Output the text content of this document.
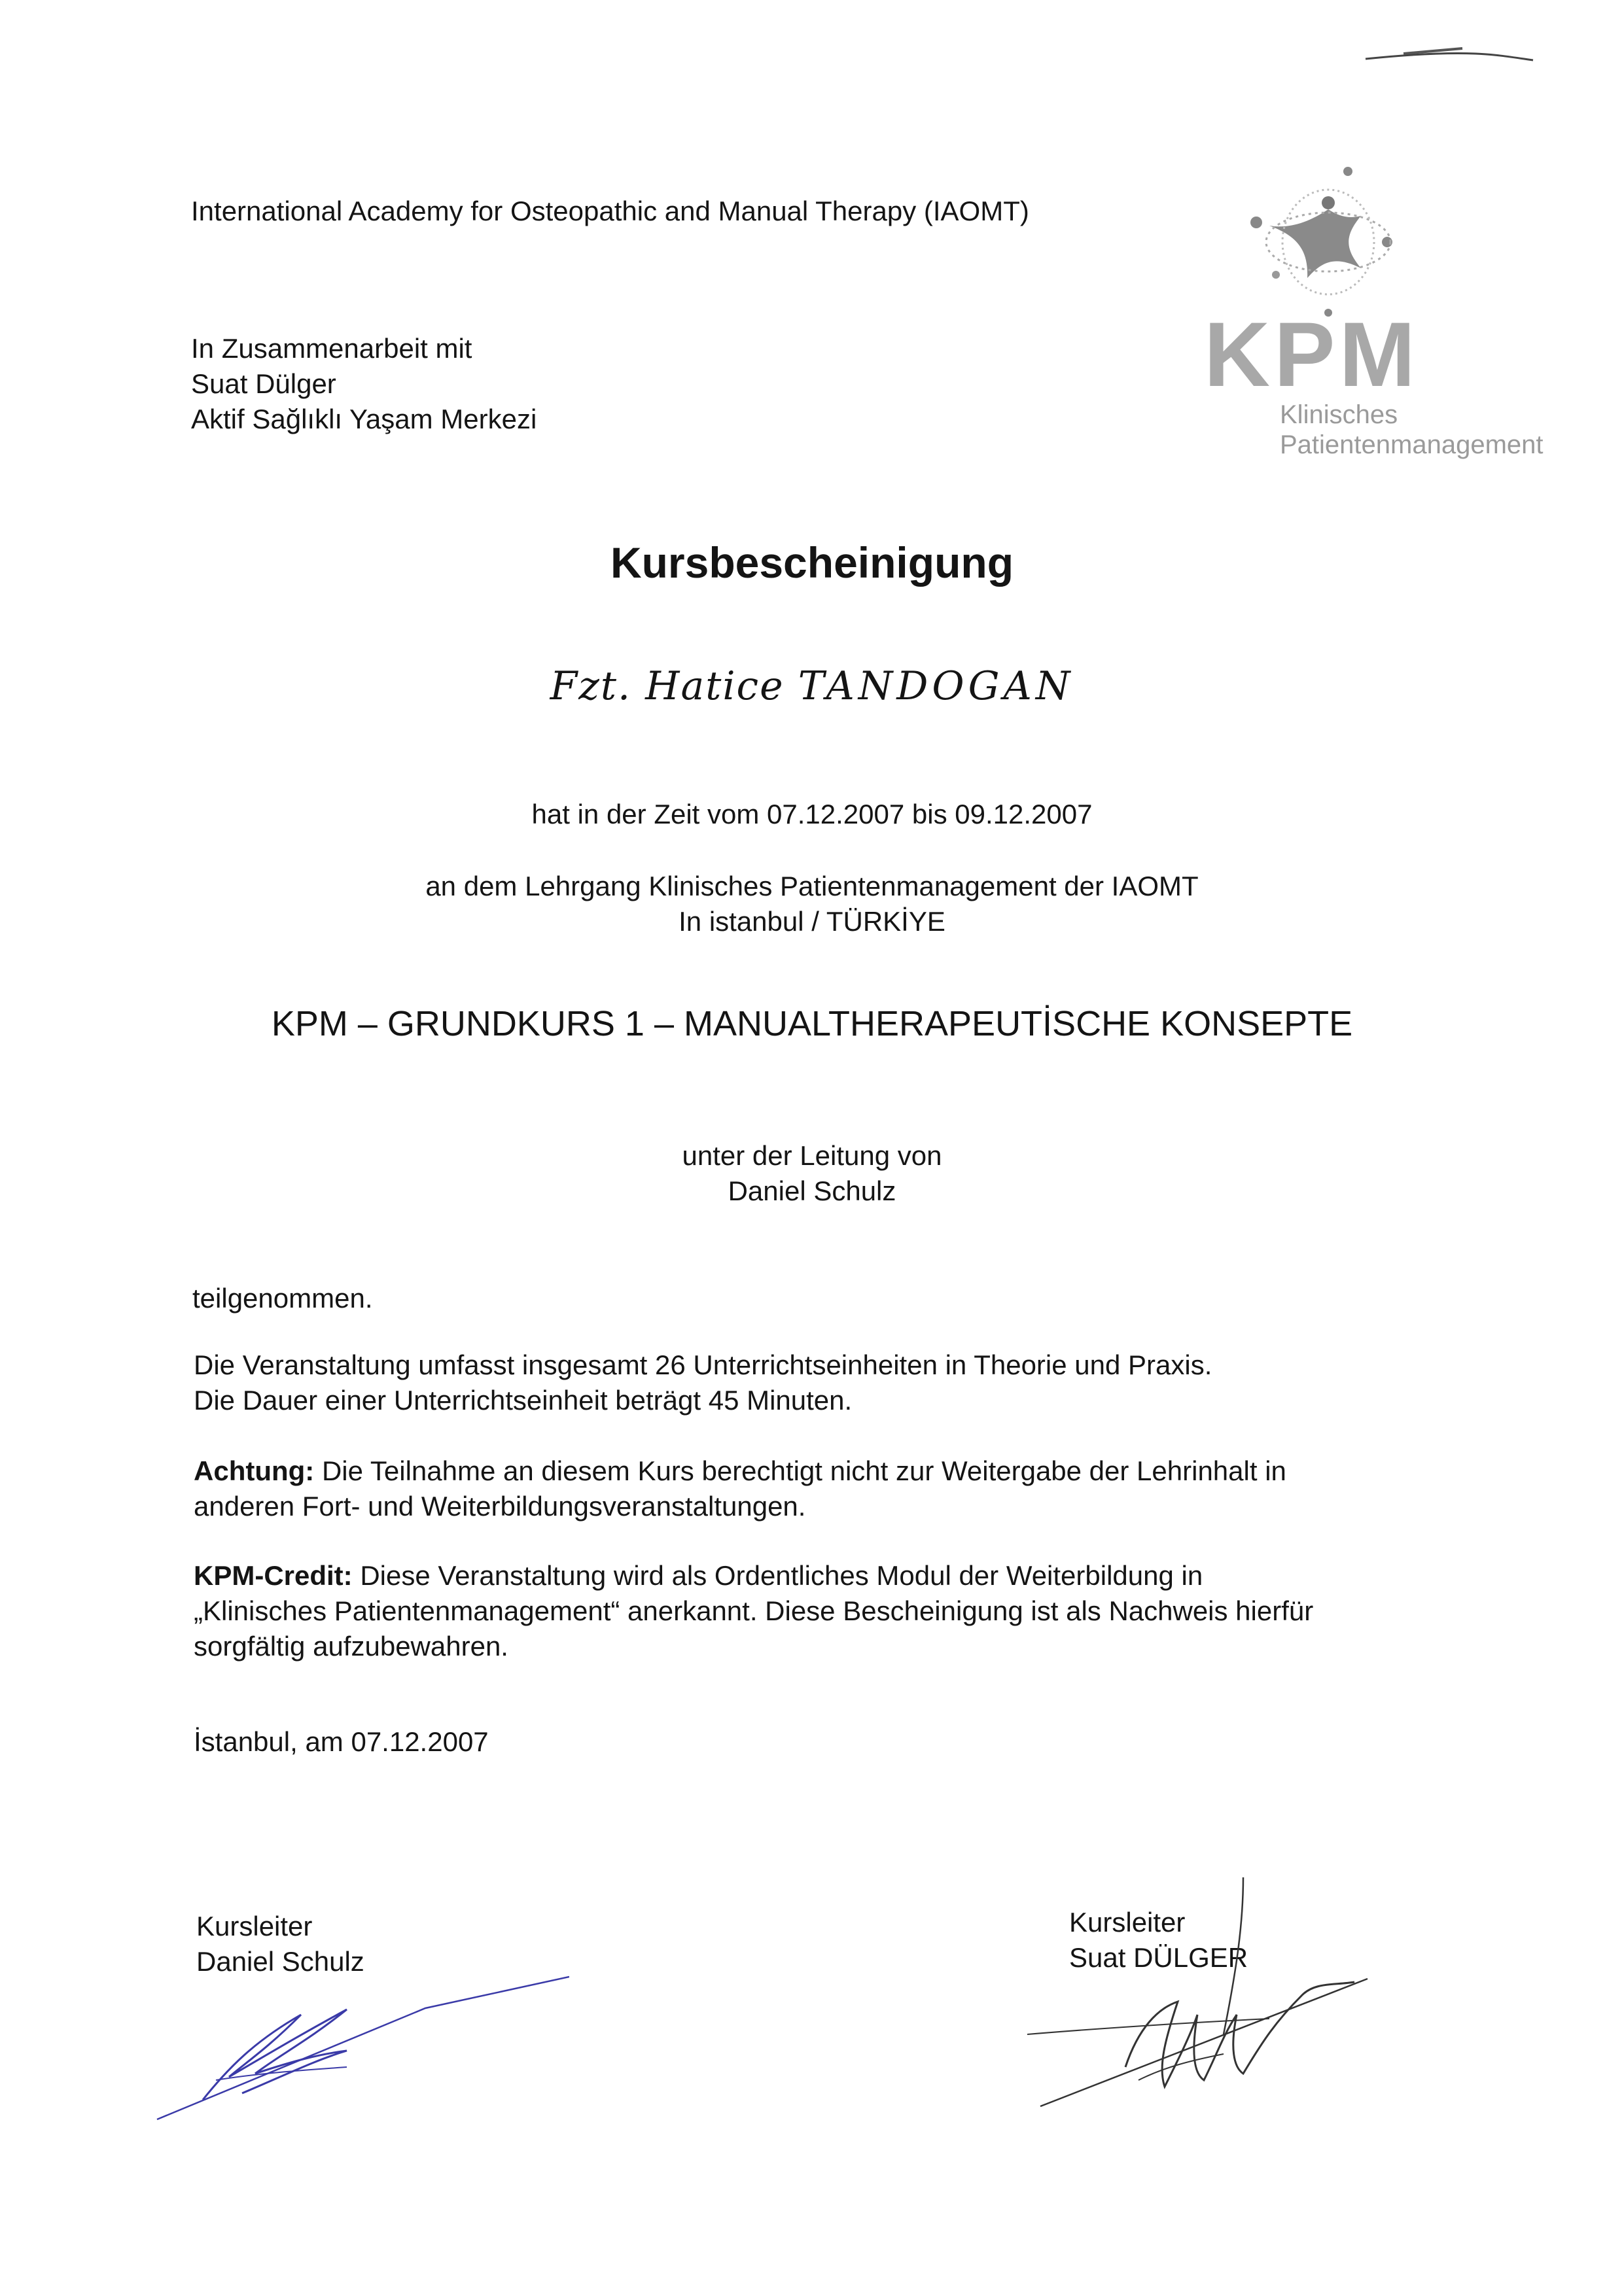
International Academy for Osteopathic and Manual Therapy (IAOMT)
In Zusammenarbeit mit
Suat Dülger
Aktif Sağlıklı Yaşam Merkezi
KPM
Klinisches
Patientenmanagement
Kursbescheinigung
Fzt. Hatice TANDOGAN
hat in der Zeit vom 07.12.2007 bis 09.12.2007
an dem Lehrgang Klinisches Patientenmanagement der IAOMT
In istanbul / TÜRKİYE
KPM – GRUNDKURS 1 – MANUALTHERAPEUTİSCHE KONSEPTE
unter der Leitung von
Daniel Schulz
teilgenommen.
Die Veranstaltung umfasst insgesamt 26 Unterrichtseinheiten in Theorie und Praxis.
Die Dauer einer Unterrichtseinheit beträgt 45 Minuten.
Achtung: Die Teilnahme an diesem Kurs berechtigt nicht zur Weitergabe der Lehrinhalt in
anderen Fort- und Weiterbildungsveranstaltungen.
KPM-Credit: Diese Veranstaltung wird als Ordentliches Modul der Weiterbildung in
„Klinisches Patientenmanagement“ anerkannt. Diese Bescheinigung ist als Nachweis hierfür
sorgfältig aufzubewahren.
İstanbul, am 07.12.2007
Kursleiter
Daniel Schulz
Kursleiter
Suat DÜLGER
